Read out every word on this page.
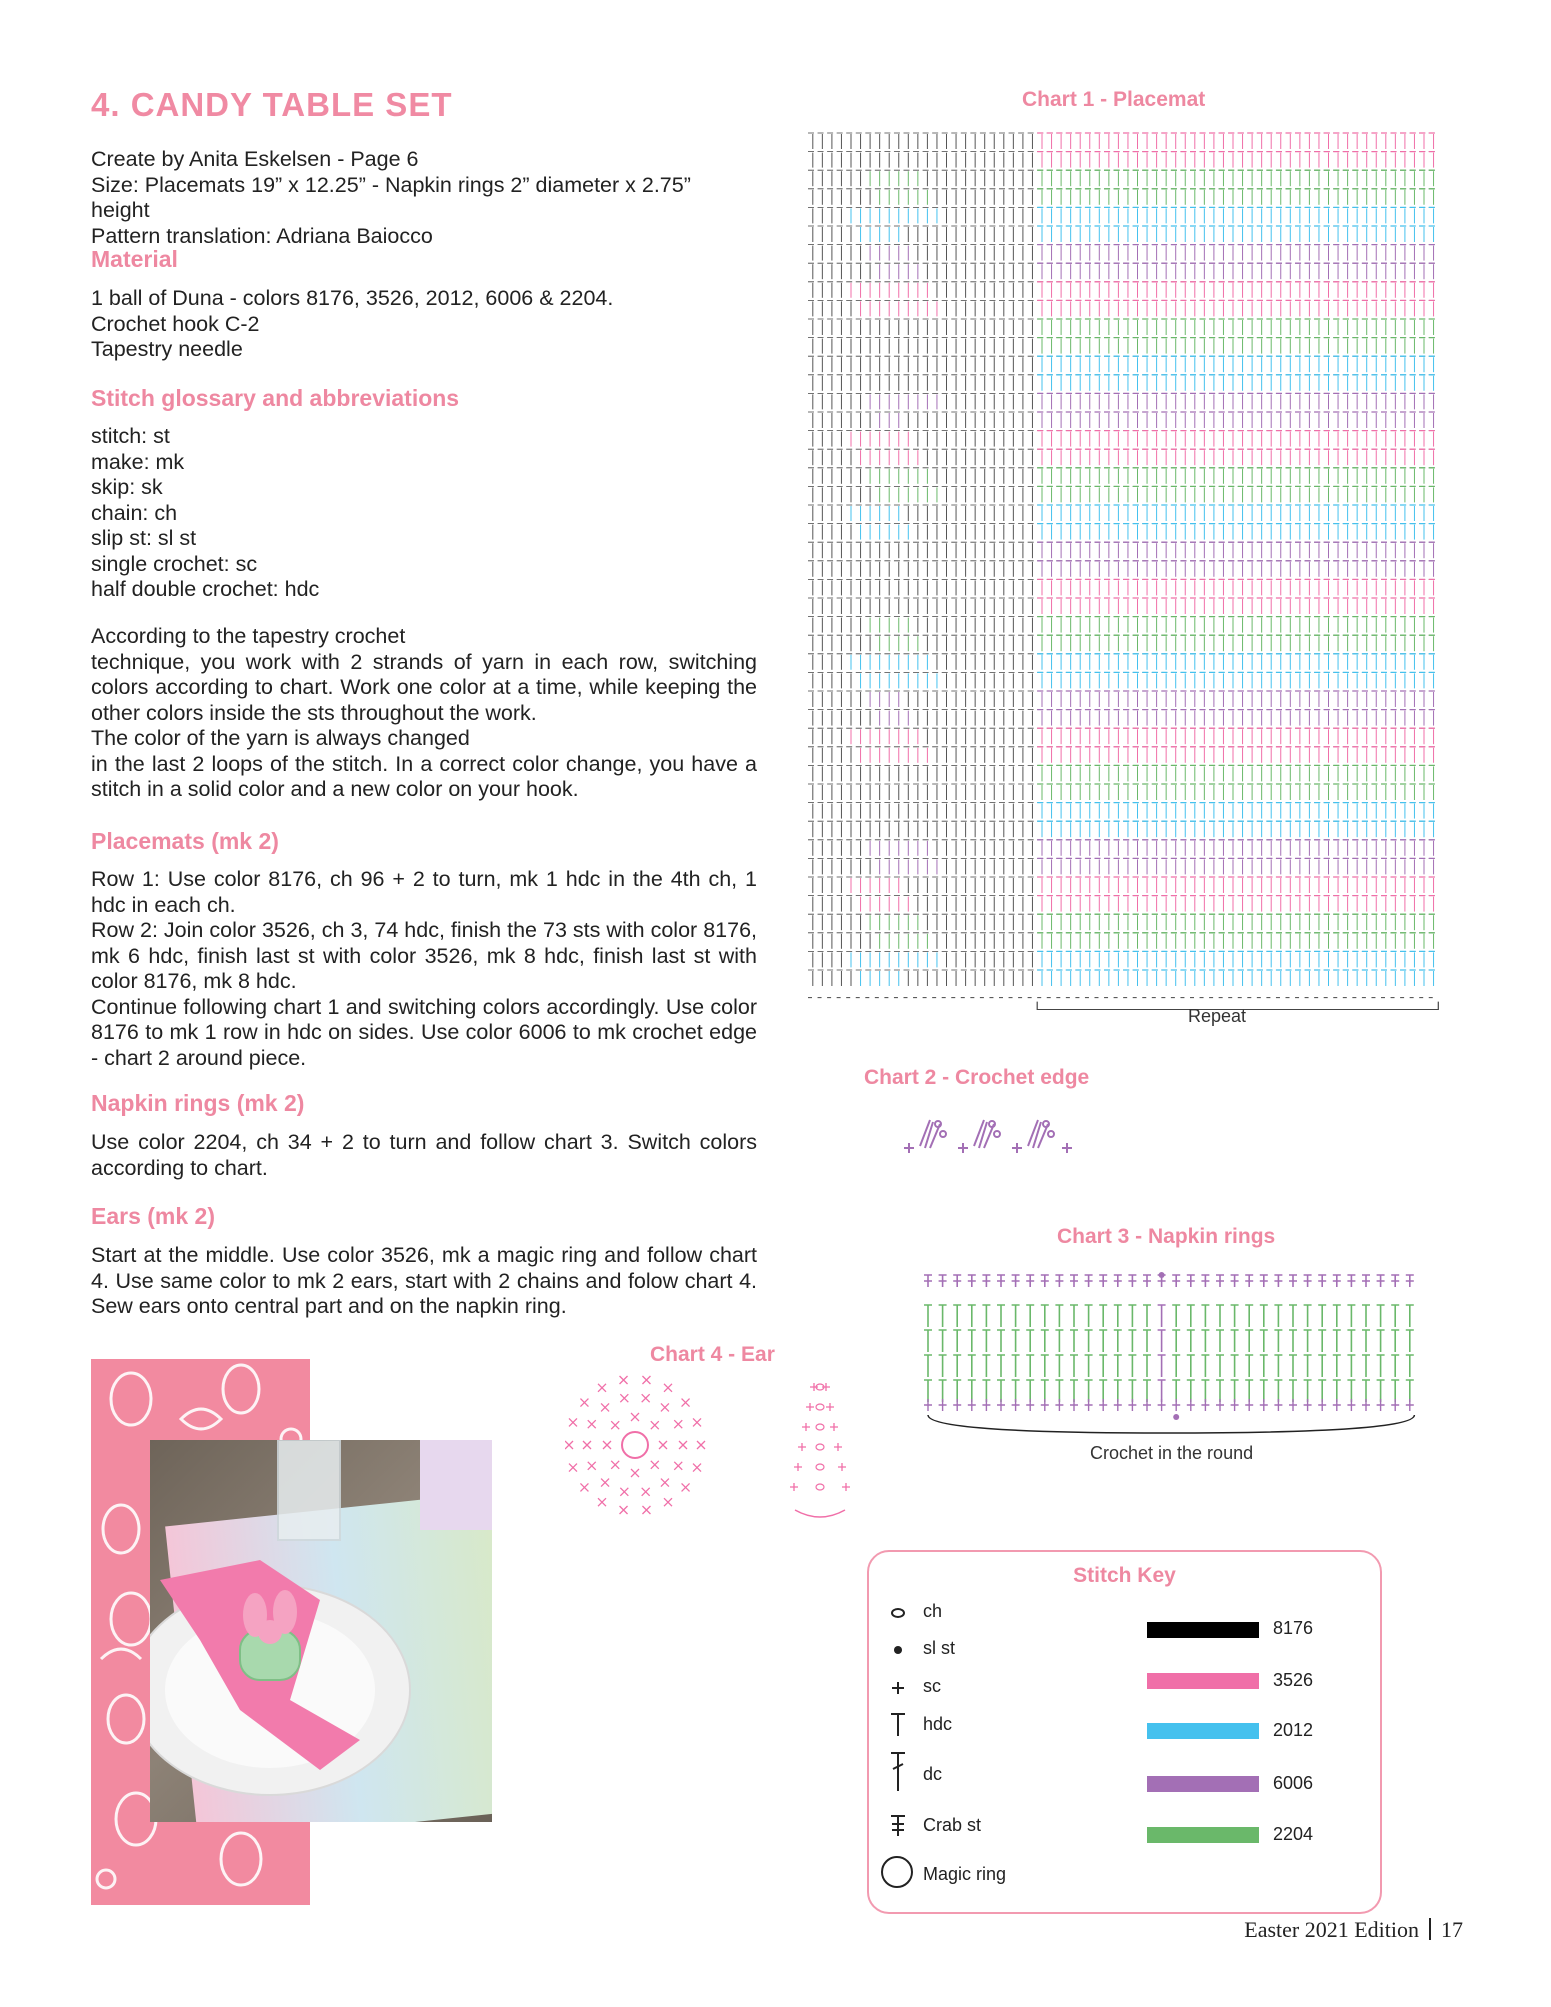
4. CANDY TABLE SET
Create by Anita Eskelsen - Page 6
Size: Placemats 19” x 12.25” - Napkin rings 2” diameter x 2.75” height
Pattern translation: Adriana Baiocco
Material
1 ball of Duna - colors 8176, 3526, 2012, 6006 & 2204.
Crochet hook C-2
Tapestry needle
Stitch glossary and abbreviations
stitch: st
make: mk
skip: sk
chain: ch
slip st: sl st
single crochet: sc
half double crochet: hdc
According to the tapestry crochet
technique, you work with 2 strands of yarn in each row, switching colors according to chart. Work one color at a time, while keeping the other colors inside the sts throughout the work.
The color of the yarn is always changed
in the last 2 loops of the stitch. In a correct color change, you have a stitch in a solid color and a new color on your hook.
Placemats (mk 2)
Row 1: Use color 8176, ch 96 + 2 to turn, mk 1 hdc in the 4th ch, 1 hdc in each ch.
Row 2: Join color 3526, ch 3, 74 hdc, finish the 73 sts with color 8176, mk 6 hdc, finish last st with color 3526, mk 8 hdc, finish last st with color 8176, mk 8 hdc.
Continue following chart 1 and switching colors accordingly. Use color 8176 to mk 1 row in hdc on sides. Use color 6006 to mk crochet edge - chart 2 around piece.
Napkin rings (mk 2)
Use color 2204, ch 34 + 2 to turn and follow chart 3. Switch colors according to chart.
Ears (mk 2)
Start at the middle. Use color 3526, mk a magic ring and follow chart 4. Use same color to mk 2 ears, start with 2 chains and folow chart 4. Sew ears onto central part and on the napkin ring.
Chart 1 - Placemat
Repeat
Chart 2 - Crochet edge
Chart 3 - Napkin rings
Crochet in the round
Chart 4 - Ear
Stitch Key
ch
sl st
sc
hdc
dc
Crab st
Magic ring
8176
3526
2012
6006
2204
Easter 2021 Edition 17
